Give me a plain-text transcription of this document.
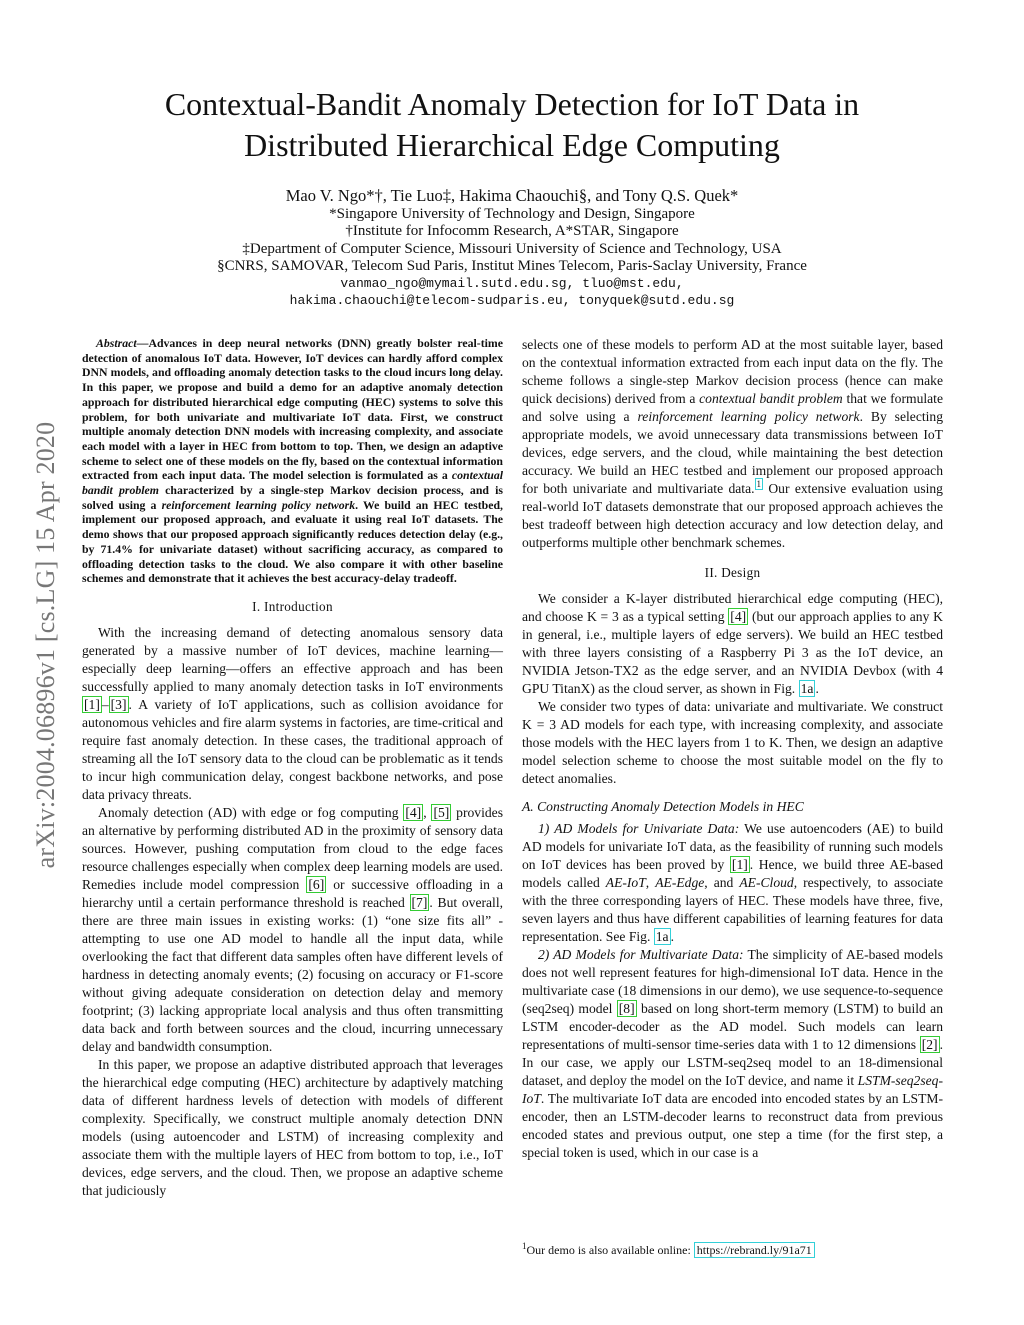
arXiv:2004.06896v1 [cs.LG] 15 Apr 2020
Contextual-Bandit Anomaly Detection for IoT Data in
Distributed Hierarchical Edge Computing
Mao V. Ngo*†, Tie Luo‡, Hakima Chaouchi§, and Tony Q.S. Quek*
*Singapore University of Technology and Design, Singapore
†Institute for Infocomm Research, A*STAR, Singapore
‡Department of Computer Science, Missouri University of Science and Technology, USA
§CNRS, SAMOVAR, Telecom Sud Paris, Institut Mines Telecom, Paris-Saclay University, France
vanmao_ngo@mymail.sutd.edu.sg, tluo@mst.edu,
hakima.chaouchi@telecom-sudparis.eu, tonyquek@sutd.edu.sg

Abstract—Advances in deep neural networks (DNN) greatly bolster real-time detection of anomalous IoT data. However, IoT devices can hardly afford complex DNN models, and offloading anomaly detection tasks to the cloud incurs long delay. In this paper, we propose and build a demo for an adaptive anomaly detection approach for distributed hierarchical edge computing (HEC) systems to solve this problem, for both univariate and multivariate IoT data. First, we construct multiple anomaly detection DNN models with increasing complexity, and associate each model with a layer in HEC from bottom to top. Then, we design an adaptive scheme to select one of these models on the fly, based on the contextual information extracted from each input data. The model selection is formulated as a contextual bandit problem characterized by a single-step Markov decision process, and is solved using a reinforcement learning policy network. We build an HEC testbed, implement our proposed approach, and evaluate it using real IoT datasets. The demo shows that our proposed approach significantly reduces detection delay (e.g., by 71.4% for univariate dataset) without sacrificing accuracy, as compared to offloading detection tasks to the cloud. We also compare it with other baseline schemes and demonstrate that it achieves the best accuracy-delay tradeoff.

I. Introduction

With the increasing demand of detecting anomalous sensory data generated by a massive number of IoT devices, machine learning—especially deep learning—offers an effective approach and has been successfully applied to many anomaly detection tasks in IoT environments [1] – [3] . A variety of IoT applications, such as collision avoidance for autonomous vehicles and fire alarm systems in factories, are time-critical and require fast anomaly detection. In these cases, the traditional approach of streaming all the IoT sensory data to the cloud can be problematic as it tends to incur high communication delay, congest backbone networks, and pose data privacy threats.

Anomaly detection (AD) with edge or fog computing [4] , [5] provides an alternative by performing distributed AD in the proximity of sensory data sources. However, pushing computation from cloud to the edge faces resource challenges especially when complex deep learning models are used. Remedies include model compression [6] or successive offloading in a hierarchy until a certain performance threshold is reached [7] . But overall, there are three main issues in existing works: (1) “one size fits all” - attempting to use one AD model to handle all the input data, while overlooking the fact that different data samples often have different levels of hardness in detecting anomaly events; (2) focusing on accuracy or F1-score without giving adequate consideration on detection delay and memory footprint; (3) lacking appropriate local analysis and thus often transmitting data back and forth between sources and the cloud, incurring unnecessary delay and bandwidth consumption.

In this paper, we propose an adaptive distributed approach that leverages the hierarchical edge computing (HEC) architecture by adaptively matching data of different hardness levels of detection with models of different complexity. Specifically, we construct multiple anomaly detection DNN models (using autoencoder and LSTM) of increasing complexity and associate them with the multiple layers of HEC from bottom to top, i.e., IoT devices, edge servers, and the cloud. Then, we propose an adaptive scheme that judiciously

selects one of these models to perform AD at the most suitable layer, based on the contextual information extracted from each input data on the fly. The scheme follows a single-step Markov decision process (hence can make quick decisions) derived from a contextual bandit problem that we formulate and solve using a reinforcement learning policy network. By selecting appropriate models, we avoid unnecessary data transmissions between IoT devices, edge servers, and the cloud, while maintaining the best detection accuracy. We build an HEC testbed and implement our proposed approach for both univariate and multivariate data. $^1$ Our extensive evaluation using real-world IoT datasets demonstrate that our proposed approach achieves the best tradeoff between high detection accuracy and low detection delay, and outperforms multiple other benchmark schemes.

II. Design

We consider a K-layer distributed hierarchical edge computing (HEC), and choose K = 3 as a typical setting [4] (but our approach applies to any K in general, i.e., multiple layers of edge servers). We build an HEC testbed with three layers consisting of a Raspberry Pi 3 as the IoT device, an NVIDIA Jetson-TX2 as the edge server, and an NVIDIA Devbox (with 4 GPU TitanX) as the cloud server, as shown in Fig. 1a .

We consider two types of data: univariate and multivariate. We construct K = 3 AD models for each type, with increasing complexity, and associate those models with the HEC layers from 1 to K. Then, we design an adaptive model selection scheme to choose the most suitable model on the fly to detect anomalies.

A. Constructing Anomaly Detection Models in HEC

1) AD Models for Univariate Data: We use autoencoders (AE) to build AD models for univariate IoT data, as the feasibility of running such models on IoT devices has been proved by [1] . Hence, we build three AE-based models called AE-IoT, AE-Edge, and AE-Cloud, respectively, to associate with the three corresponding layers of HEC. These models have three, five, seven layers and thus have different capabilities of learning features for data representation. See Fig. 1a .

2) AD Models for Multivariate Data: The simplicity of AE-based models does not well represent features for high-dimensional IoT data. Hence in the multivariate case (18 dimensions in our demo), we use sequence-to-sequence (seq2seq) model [8] based on long short-term memory (LSTM) to build an LSTM encoder-decoder as the AD model. Such models can learn representations of multi-sensor time-series data with 1 to 12 dimensions [2] . In our case, we apply our LSTM-seq2seq model to an 18-dimensional dataset, and deploy the model on the IoT device, and name it LSTM-seq2seq-IoT. The multivariate IoT data are encoded into encoded states by an LSTM-encoder, then an LSTM-decoder learns to reconstruct data from previous encoded states and previous output, one step a time (for the first step, a special token is used, which in our case is a

$^1$Our demo is also available online: https://rebrand.ly/91a71
